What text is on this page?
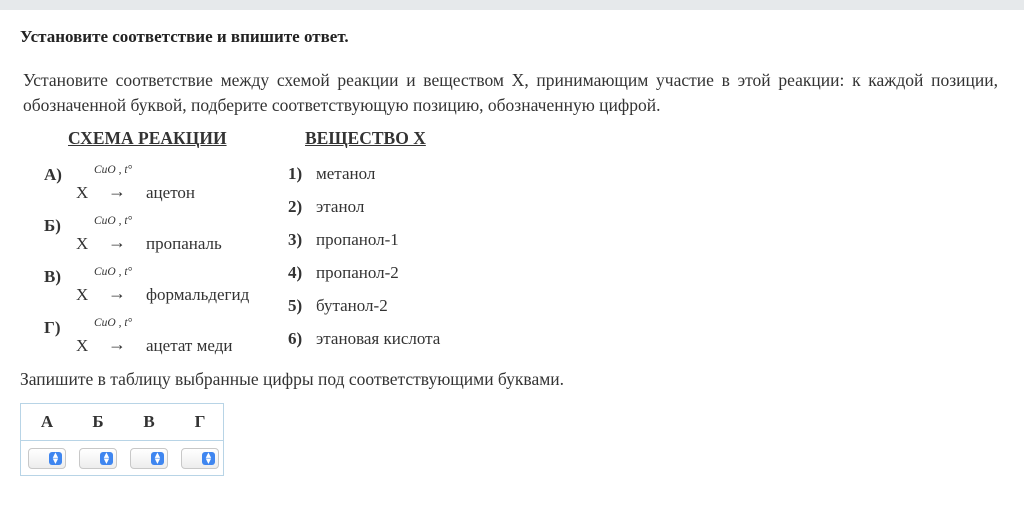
Установите соответствие и впишите ответ.
Установите соответствие между схемой реакции и веществом X, принимающим участие в этой реакции: к каждой позиции, обозначенной буквой, подберите соответствующую позицию, обозначенную цифрой.
СХЕМА РЕАКЦИИ	ВЕЩЕСТВО X
А)	CuO , t°
X → ацетон
Б)	CuO , t°
X → пропаналь
В)	CuO , t°
X → формальдегид
Г)	CuO , t°
X → ацетат меди
1) метанол
2) этанол
3) пропанол-1
4) пропанол-2
5) бутанол-2
6) этановая кислота
Запишите в таблицу выбранные цифры под соответствующими буквами.
А	Б	В	Г
▲
▼
▲
▼
▲
▼
▲
▼
